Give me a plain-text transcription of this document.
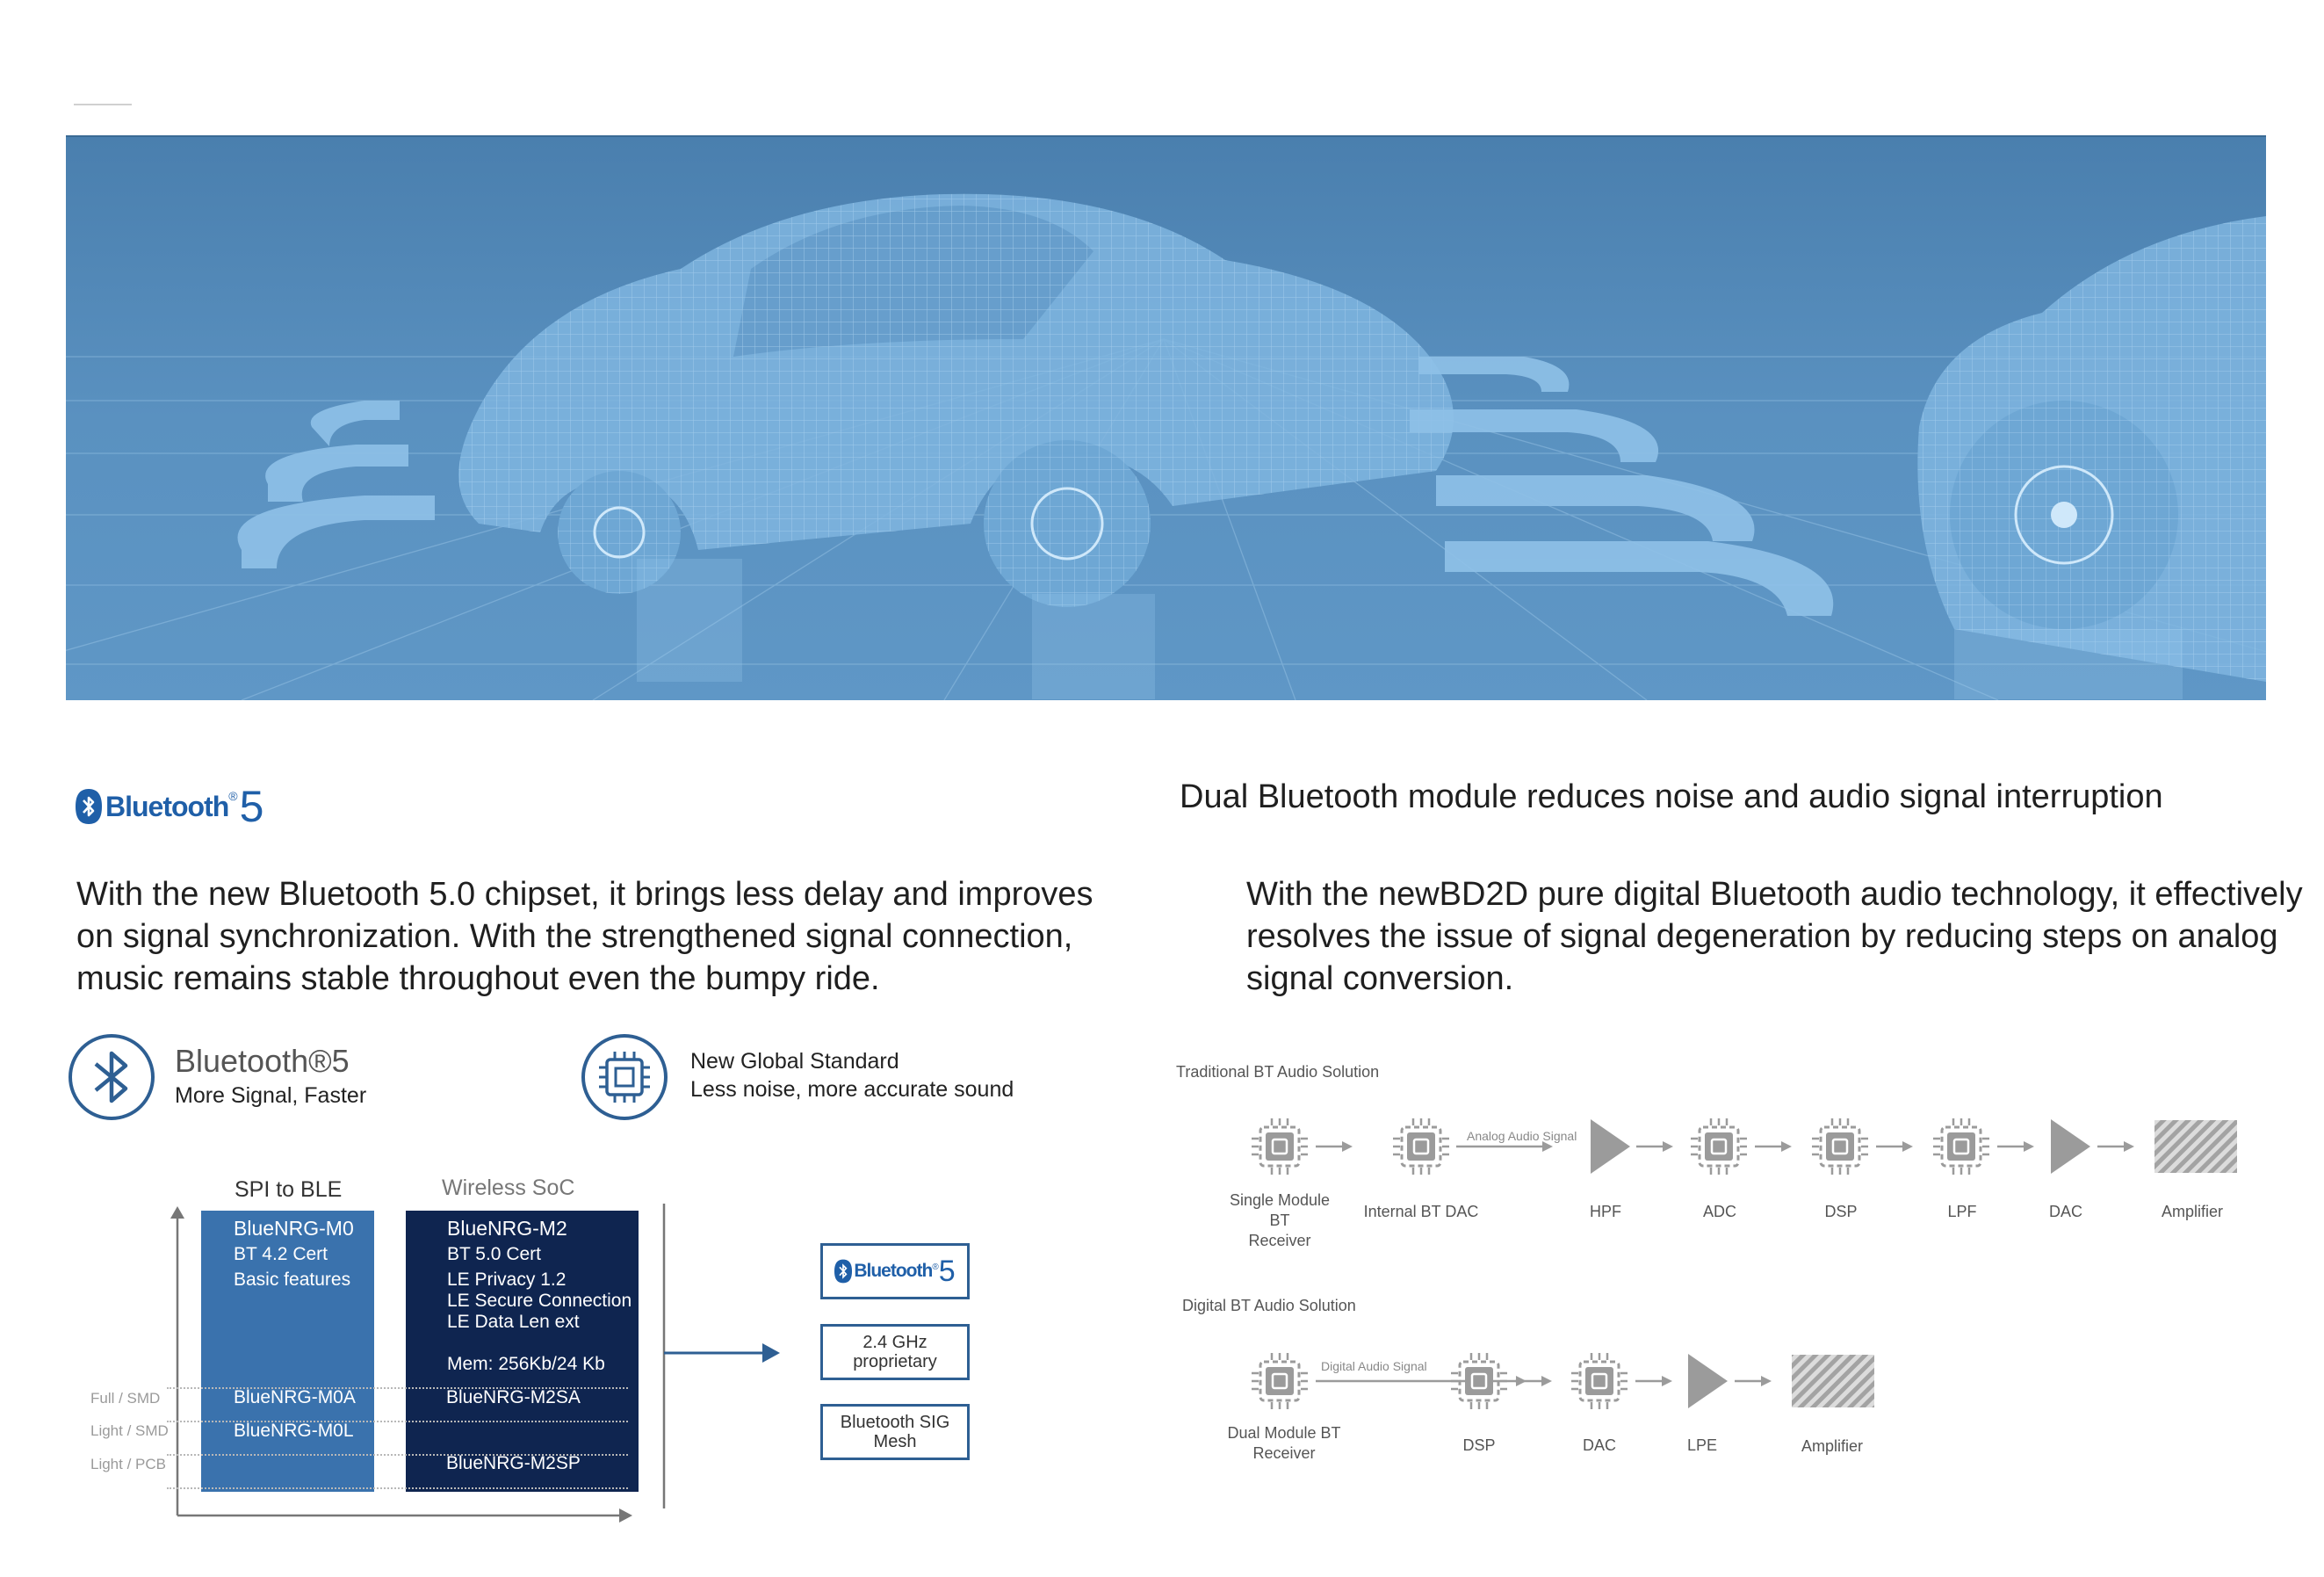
Bluetooth ® 5
With the new Bluetooth 5.0 chipset, it brings less delay and improves
on signal synchronization. With the strengthened signal connection,
music remains stable throughout even the bumpy ride.
Bluetooth®5
More Signal, Faster
New Global Standard
Less noise, more accurate sound
SPI to BLE	Wireless SoC
BlueNRG-M0
BT 4.2 Cert
Basic features
BlueNRG-M2
BT 5.0 Cert
LE Privacy 1.2
LE Secure Connection
LE Data Len ext
Mem: 256Kb/24 Kb
Full / SMD
Light / SMD
Light / PCB
BlueNRG-M0A
BlueNRG-M0L
BlueNRG-M2SA
BlueNRG-M2SP
Bluetooth ® 5
2.4 GHz
proprietary
Bluetooth SIG
Mesh
Dual Bluetooth module reduces noise and audio signal interruption
With the newBD2D pure digital Bluetooth audio technology, it effectively
resolves the issue of signal degeneration by reducing steps on analog
signal conversion.
Traditional BT Audio Solution
Analog Audio Signal
Single Module BT
Receiver
Internal BT DAC	HPF	ADC	DSP	LPF	DAC	Amplifier
Digital BT Audio Solution
Digital Audio Signal
Dual Module BT
Receiver	DSP	DAC	LPE	Amplifier
